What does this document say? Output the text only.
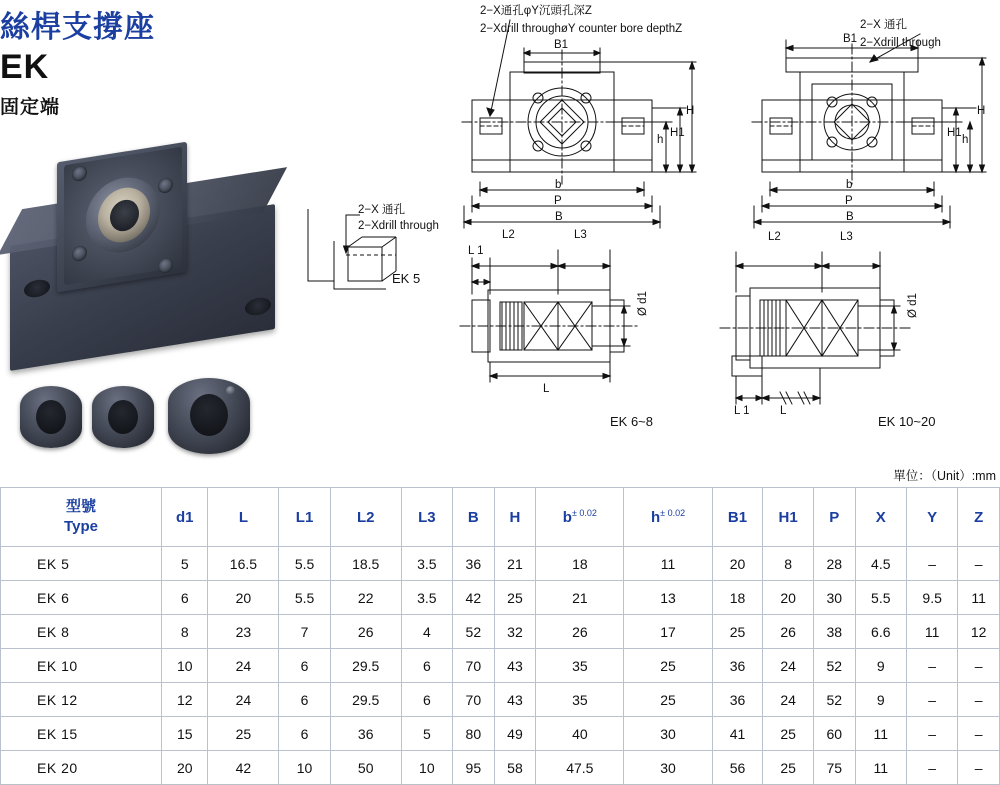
絲桿支撐座
EK
固定端
2−X通孔φY沉頭孔深Z
2−Xdrill throughøY counter bore depthZ	2−X 通孔
2−Xdrill through
B1
b
P
B
h
H1
H
B1
b
P
B
H1
h
H
L 1
L2	L3
L
Ø d1
L2	L3
L 1	L
Ø d1
EK 6~8	EK 10~20
2−X 通孔
2−Xdrill through
EK 5
單位：（Unit）:mm
型號
Type	d1	L	L1	L2	L3	B	H	$b^{\pm 0.02}$	$h^{\pm 0.02}$	B1	H1	P	X	Y	Z
EK 5	5	16.5	5.5	18.5	3.5	36	21	18	11	20	8	28	4.5	–	–
EK 6	6	20	5.5	22	3.5	42	25	21	13	18	20	30	5.5	9.5	11
EK 8	8	23	7	26	4	52	32	26	17	25	26	38	6.6	11	12
EK 10	10	24	6	29.5	6	70	43	35	25	36	24	52	9	–	–
EK 12	12	24	6	29.5	6	70	43	35	25	36	24	52	9	–	–
EK 15	15	25	6	36	5	80	49	40	30	41	25	60	11	–	–
EK 20	20	42	10	50	10	95	58	47.5	30	56	25	75	11	–	–
